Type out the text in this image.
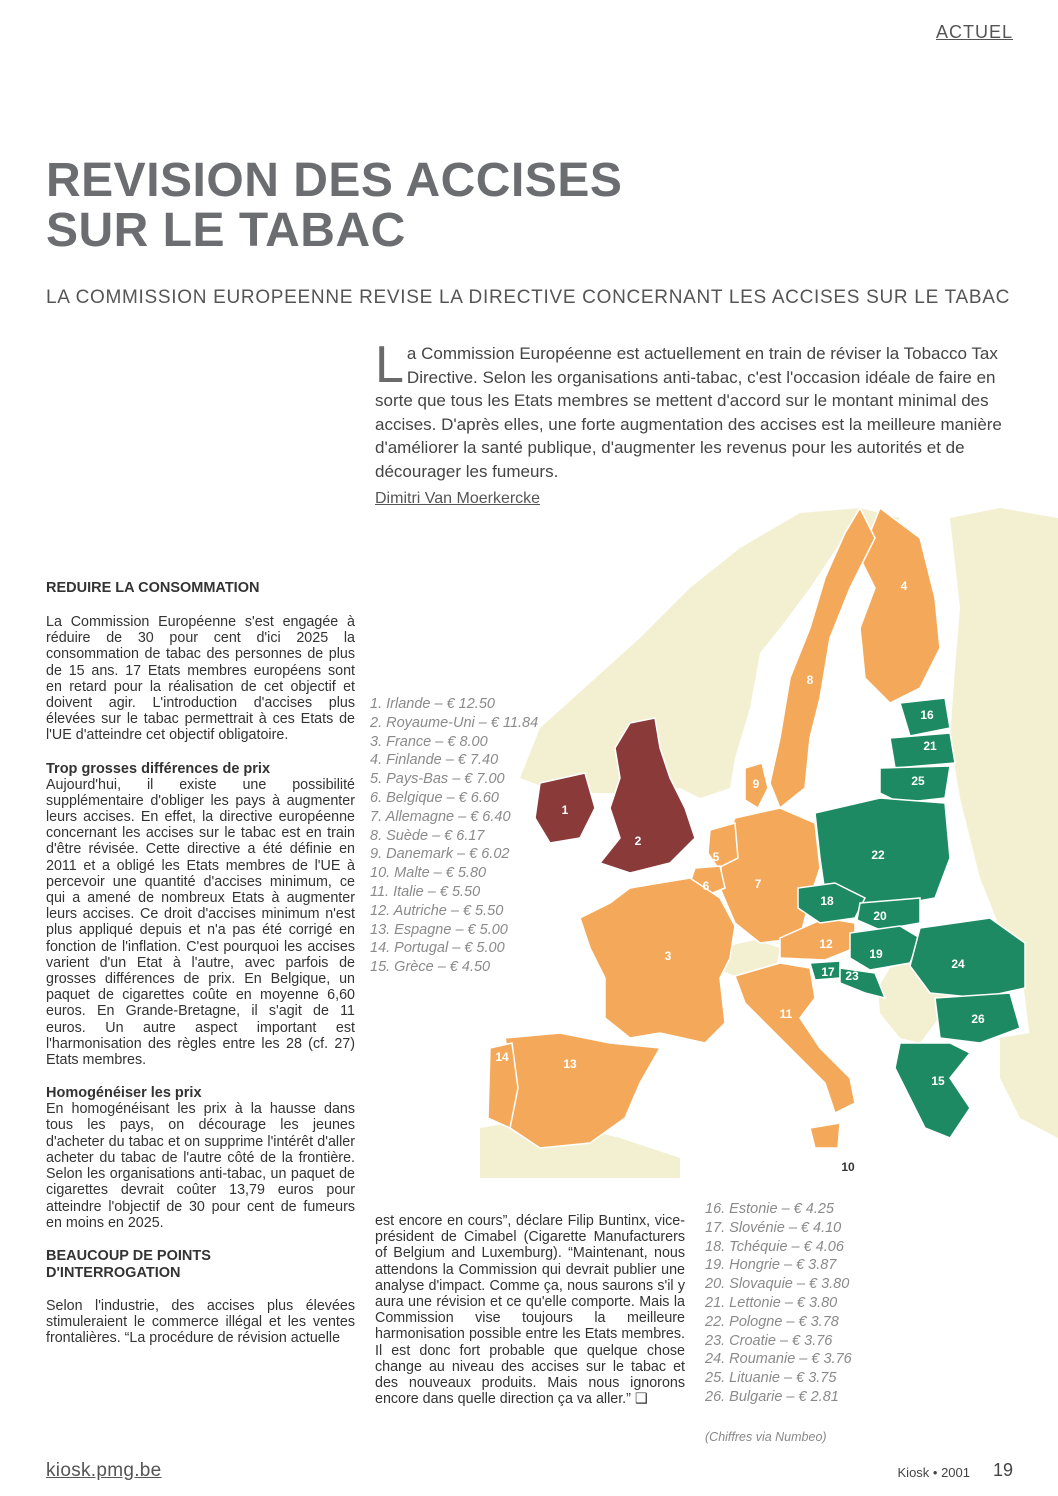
ACTUEL
REVISION DES ACCISES
SUR LE TABAC
LA COMMISSION EUROPEENNE REVISE LA DIRECTIVE CONCERNANT LES ACCISES SUR LE TABAC
La Commission Européenne est actuellement en train de réviser la Tobacco Tax Directive. Selon les organisations anti-tabac, c'est l'occasion idéale de faire en sorte que tous les Etats membres se mettent d'accord sur le montant minimal des accises. D'après elles, une forte augmentation des accises est la meilleure manière d'améliorer la santé publique, d'augmenter les revenus pour les autorités et de décourager les fumeurs.
Dimitri Van Moerkercke
1
2
3
4
5
6	7
8
9
10
11
12
13
14
15
16
17
18
19
20
21
22
23
24
25
26
1. Irlande – € 12.50
2. Royaume-Uni – € 11.84
3. France – € 8.00
4. Finlande – € 7.40
5. Pays-Bas – € 7.00
6. Belgique – € 6.60
7. Allemagne – € 6.40
8. Suède – € 6.17
9. Danemark – € 6.02
10. Malte – € 5.80
11. Italie – € 5.50
12. Autriche – € 5.50
13. Espagne – € 5.00
14. Portugal – € 5.00
15. Grèce – € 4.50
16. Estonie – € 4.25
17. Slovénie – € 4.10
18. Tchéquie – € 4.06
19. Hongrie – € 3.87
20. Slovaquie – € 3.80
21. Lettonie – € 3.80
22. Pologne – € 3.78
23. Croatie – € 3.76
24. Roumanie – € 3.76
25. Lituanie – € 3.75
26. Bulgarie – € 2.81
(Chiffres via Numbeo)
REDUIRE LA CONSOMMATION

La Commission Européenne s'est engagée à réduire de 30 pour cent d'ici 2025 la consommation de tabac des personnes de plus de 15 ans. 17 Etats membres européens sont en retard pour la réalisation de cet objectif et doivent agir. L'introduction d'accises plus élevées sur le tabac permettrait à ces Etats de l'UE d'atteindre cet objectif obligatoire.

Trop grosses différences de prix

Aujourd'hui, il existe une possibilité supplémentaire d'obliger les pays à augmenter leurs accises. En effet, la directive européenne concernant les accises sur le tabac est en train d'être révisée. Cette directive a été définie en 2011 et a obligé les Etats membres de l'UE à percevoir une quantité d'accises minimum, ce qui a amené de nombreux Etats à augmenter leurs accises. Ce droit d'accises minimum n'est plus appliqué depuis et n'a pas été corrigé en fonction de l'inflation. C'est pourquoi les accises varient d'un Etat à l'autre, avec parfois de grosses différences de prix. En Belgique, un paquet de cigarettes coûte en moyenne 6,60 euros. En Grande-Bretagne, il s'agit de 11 euros. Un autre aspect important est l'harmonisation des règles entre les 28 (cf. 27) Etats membres.

Homogénéiser les prix

En homogénéisant les prix à la hausse dans tous les pays, on décourage les jeunes d'acheter du tabac et on supprime l'intérêt d'aller acheter du tabac de l'autre côté de la frontière. Selon les organisations anti-tabac, un paquet de cigarettes devrait coûter 13,79 euros pour atteindre l'objectif de 30 pour cent de fumeurs en moins en 2025.

BEAUCOUP DE POINTS
D'INTERROGATION

Selon l'industrie, des accises plus élevées stimuleraient le commerce illégal et les ventes frontalières. “La procédure de révision actuelle

est encore en cours”, déclare Filip Buntinx, vice-président de Cimabel (Cigarette Manufacturers of Belgium and Luxemburg). “Maintenant, nous attendons la Commission qui devrait publier une analyse d'impact. Comme ça, nous saurons s'il y aura une révision et ce qu'elle comporte. Mais la Commission vise toujours la meilleure harmonisation possible entre les Etats membres. Il est donc fort probable que quelque chose change au niveau des accises sur le tabac et des nouveaux produits. Mais nous ignorons encore dans quelle direction ça va aller.” ❑

kiosk.pmg.be	Kiosk • 2001 19
